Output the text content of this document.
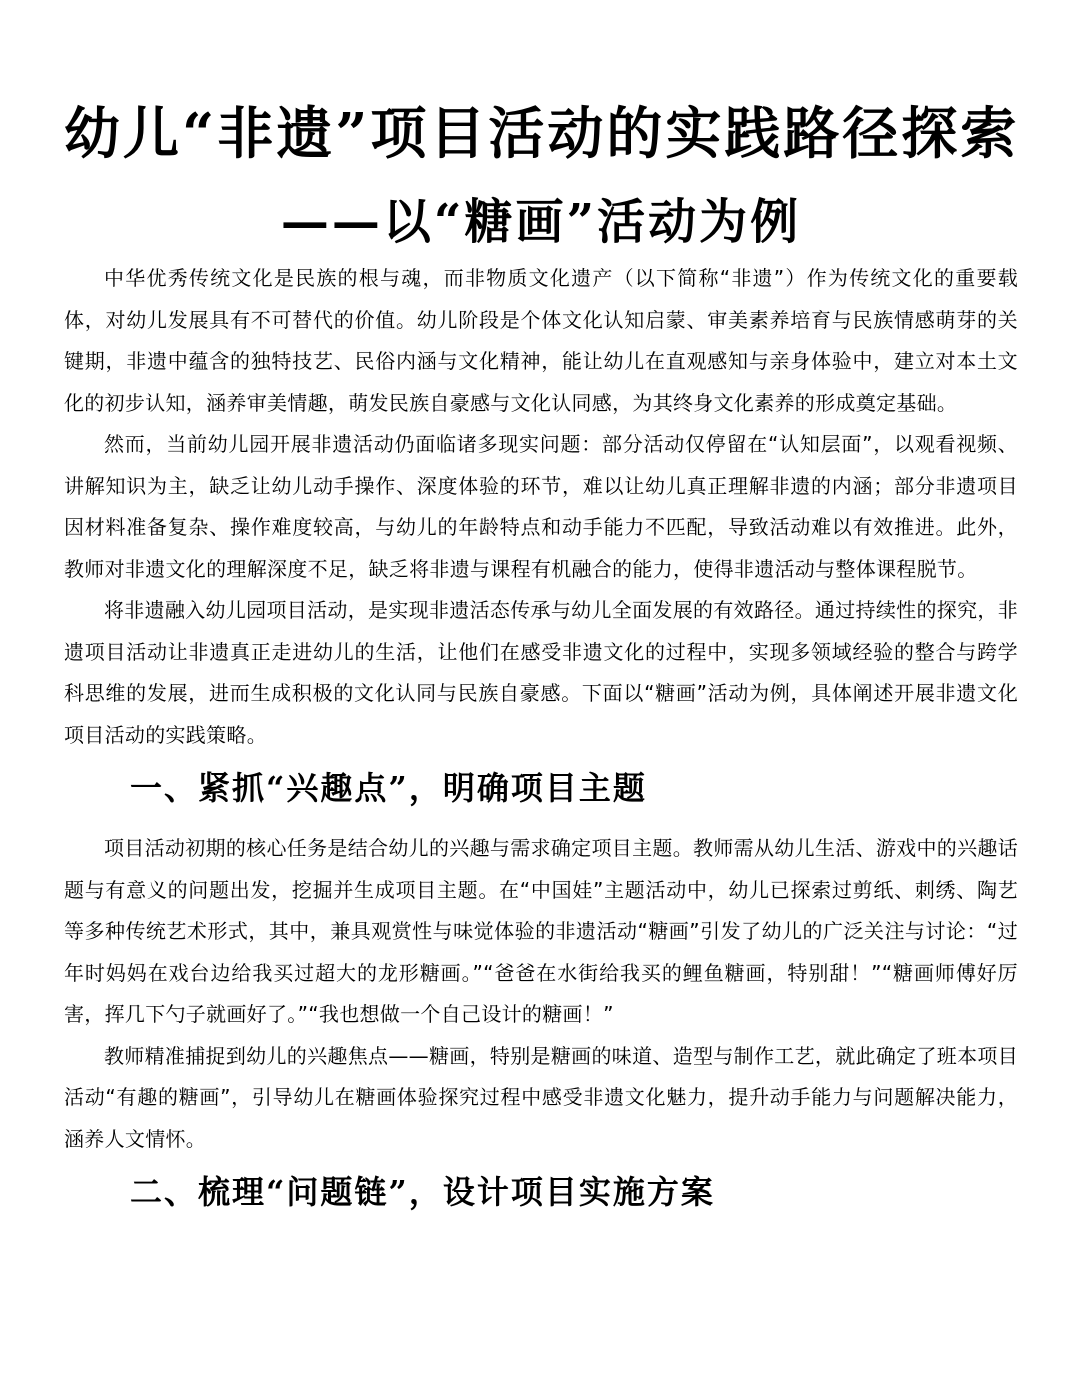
幼儿“非遗”项目活动的实践路径探索
——以“糖画”活动为例

中华优秀传统文化是民族的根与魂，而非物质文化遗产（以下简称“非遗”）作为传统文化的重要载体，对幼儿发展具有不可替代的价值。幼儿阶段是个体文化认知启蒙、审美素养培育与民族情感萌芽的关键期，非遗中蕴含的独特技艺、民俗内涵与文化精神，能让幼儿在直观感知与亲身体验中，建立对本土文化的初步认知，涵养审美情趣，萌发民族自豪感与文化认同感，为其终身文化素养的形成奠定基础。

然而，当前幼儿园开展非遗活动仍面临诸多现实问题：部分活动仅停留在“认知层面”，以观看视频、讲解知识为主，缺乏让幼儿动手操作、深度体验的环节，难以让幼儿真正理解非遗的内涵；部分非遗项目因材料准备复杂、操作难度较高，与幼儿的年龄特点和动手能力不匹配，导致活动难以有效推进。此外，教师对非遗文化的理解深度不足，缺乏将非遗与课程有机融合的能力，使得非遗活动与整体课程脱节。

将非遗融入幼儿园项目活动，是实现非遗活态传承与幼儿全面发展的有效路径。通过持续性的探究，非遗项目活动让非遗真正走进幼儿的生活，让他们在感受非遗文化的过程中，实现多领域经验的整合与跨学科思维的发展，进而生成积极的文化认同与民族自豪感。下面以“糖画”活动为例，具体阐述开展非遗文化项目活动的实践策略。

一、紧抓“兴趣点”，明确项目主题

项目活动初期的核心任务是结合幼儿的兴趣与需求确定项目主题。教师需从幼儿生活、游戏中的兴趣话题与有意义的问题出发，挖掘并生成项目主题。在“中国娃”主题活动中，幼儿已探索过剪纸、刺绣、陶艺等多种传统艺术形式，其中，兼具观赏性与味觉体验的非遗活动“糖画”引发了幼儿的广泛关注与讨论：“过年时妈妈在戏台边给我买过超大的龙形糖画。”“爸爸在水街给我买的鲤鱼糖画，特别甜！”“糖画师傅好厉害，挥几下勺子就画好了。”“我也想做一个自己设计的糖画！”

教师精准捕捉到幼儿的兴趣焦点——糖画，特别是糖画的味道、造型与制作工艺，就此确定了班本项目活动“有趣的糖画”，引导幼儿在糖画体验探究过程中感受非遗文化魅力，提升动手能力与问题解决能力，涵养人文情怀。

二、梳理“问题链”，设计项目实施方案
